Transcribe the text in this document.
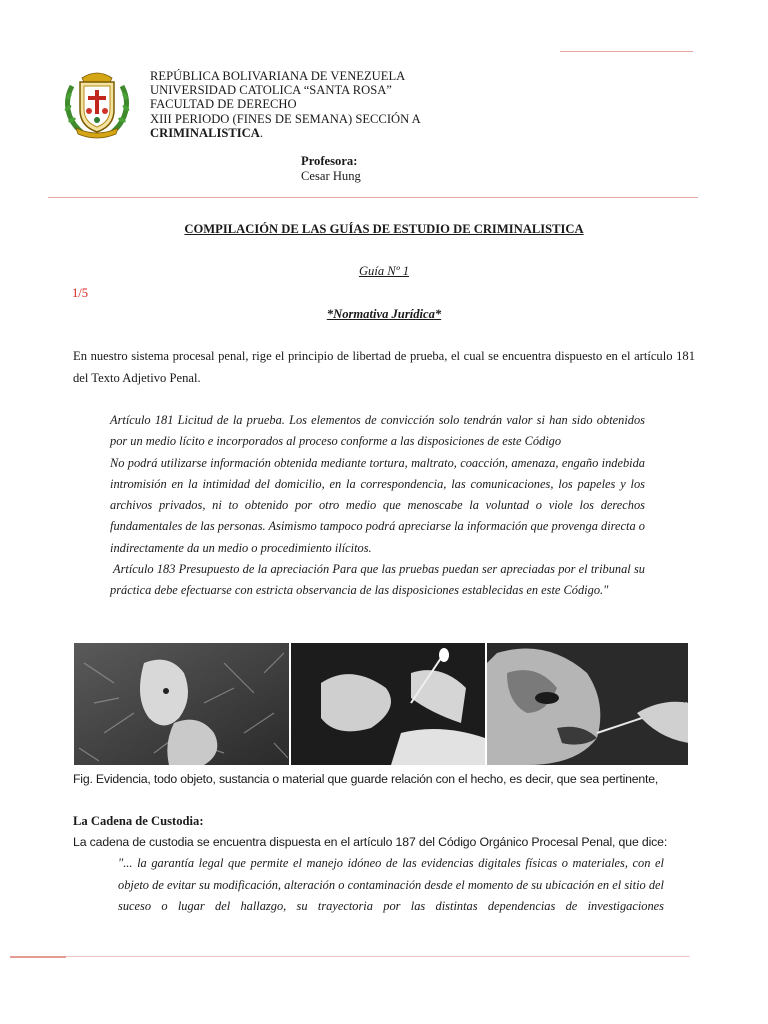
REPÚBLICA BOLIVARIANA DE VENEZUELA
UNIVERSIDAD CATOLICA “SANTA ROSA”
FACULTAD DE DERECHO
XIII PERIODO (FINES DE SEMANA) SECCIÓN A
CRIMINALISTICA.
Profesora:
Cesar Hung
COMPILACIÓN DE LAS GUÍAS DE ESTUDIO DE CRIMINALISTICA
Guía Nº 1
1/5
*Normativa Jurídica*
En nuestro sistema procesal penal, rige el principio de libertad de prueba, el cual se encuentra dispuesto en el artículo 181 del Texto Adjetivo Penal.

Artículo 181 Licitud de la prueba. Los elementos de convicción solo tendrán valor si han sido obtenidos por un medio lícito e incorporados al proceso conforme a las disposiciones de este Código

No podrá utilizarse información obtenida mediante tortura, maltrato, coacción, amenaza, engaño indebida intromisión en la intimidad del domicilio, en la correspondencia, las comunicaciones, los papeles y los archivos privados, ni to obtenido por otro medio que menoscabe la voluntad o viole los derechos fundamentales de las personas. Asimismo tampoco podrá apreciarse la información que provenga directa o indirectamente da un medio o procedimiento ilícitos.

Artículo 183 Presupuesto de la apreciación Para que las pruebas puedan ser apreciadas por el tribunal su práctica debe efectuarse con estricta observancia de las disposiciones establecidas en este Código."

Fig. Evidencia, todo objeto, sustancia o material que guarde relación con el hecho, es decir, que sea pertinente,
La Cadena de Custodia:
La cadena de custodia se encuentra dispuesta en el artículo 187 del Código Orgánico Procesal Penal, que dice:
"... la garantía legal que permite el manejo idóneo de las evidencias digitales físicas o materiales, con el objeto de evitar su modificación, alteración o contaminación desde el momento de su ubicación en el sitio del suceso o lugar del hallazgo, su trayectoria por las distintas dependencias de investigaciones
